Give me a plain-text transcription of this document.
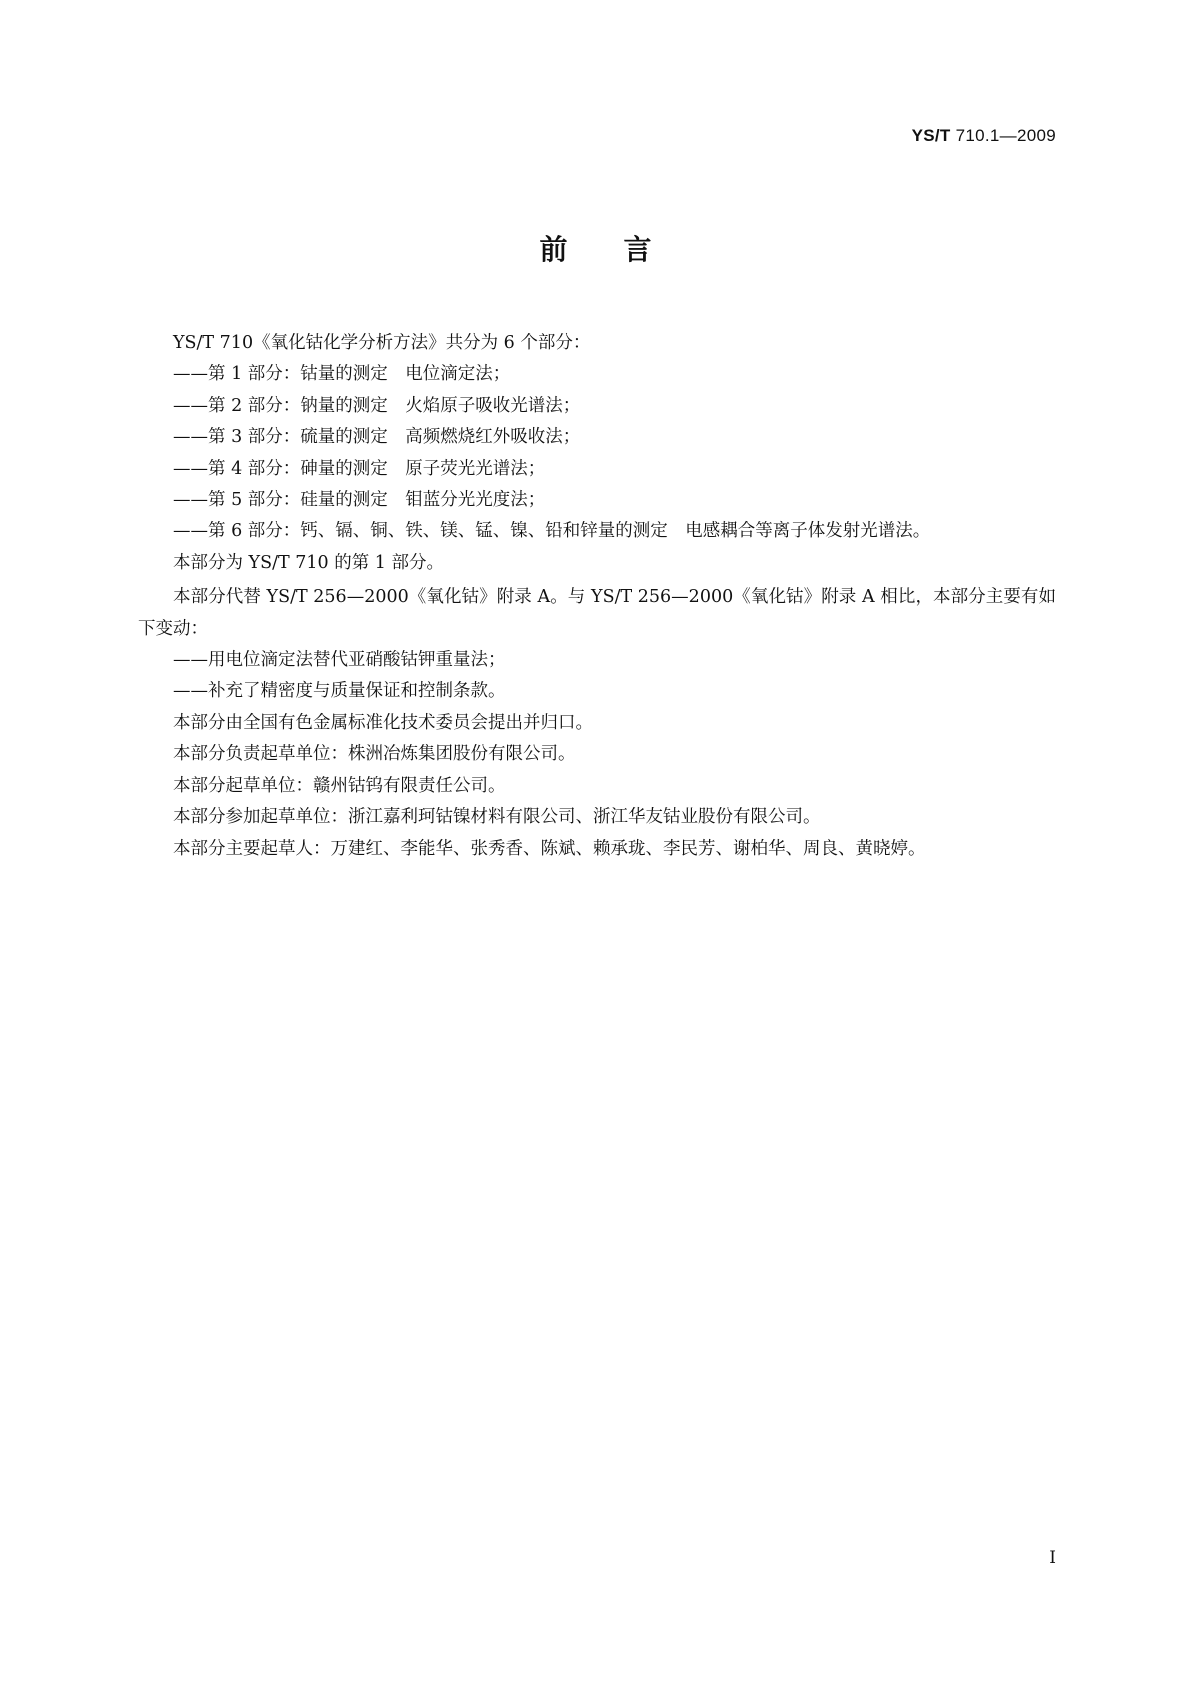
YS/T 710.1—2009
前言

YS/T 710《氧化钴化学分析方法》共分为 6 个部分：

——第 1 部分：钴量的测定　电位滴定法；

——第 2 部分：钠量的测定　火焰原子吸收光谱法；

——第 3 部分：硫量的测定　高频燃烧红外吸收法；

——第 4 部分：砷量的测定　原子荧光光谱法；

——第 5 部分：硅量的测定　钼蓝分光光度法；

——第 6 部分：钙、镉、铜、铁、镁、锰、镍、铅和锌量的测定　电感耦合等离子体发射光谱法。

本部分为 YS/T 710 的第 1 部分。

本部分代替 YS/T 256—2000《氧化钴》附录 A。与 YS/T 256—2000《氧化钴》附录 A 相比，本部分主要有如下变动：

——用电位滴定法替代亚硝酸钴钾重量法；

——补充了精密度与质量保证和控制条款。

本部分由全国有色金属标准化技术委员会提出并归口。

本部分负责起草单位：株洲冶炼集团股份有限公司。

本部分起草单位：赣州钴钨有限责任公司。

本部分参加起草单位：浙江嘉利珂钴镍材料有限公司、浙江华友钴业股份有限公司。

本部分主要起草人：万建红、李能华、张秀香、陈斌、赖承珑、李民芳、谢柏华、周良、黄晓婷。

I
